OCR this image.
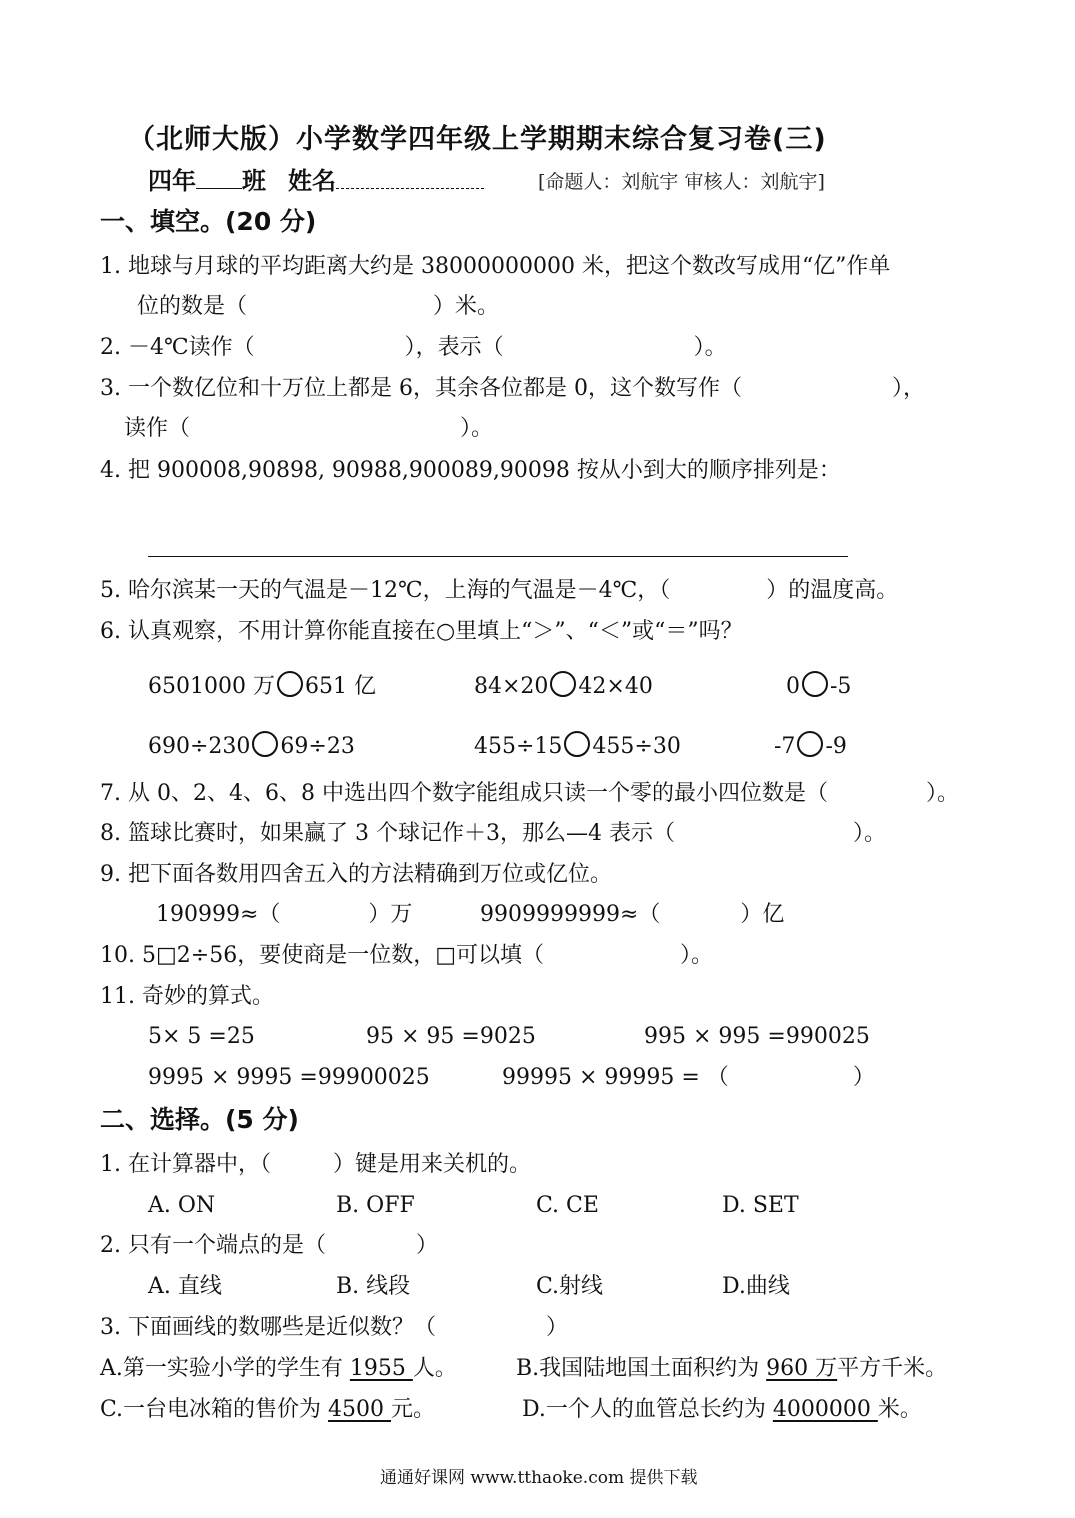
（北师大版）小学数学四年级上学期期末综合复习卷(三)
四年 班 姓名	[命题人：刘航宇 审核人：刘航宇]
一、填空。(20 分)
1. 地球与月球的平均距离大约是 38000000000 米，把这个数改写成用“亿”作单
位的数是（	）米。
2. －4℃读作（	），表示（	）。
3. 一个数亿位和十万位上都是 6，其余各位都是 0，这个数写作（	），
读作（	）。
4. 把 900008,90898, 90988,900089,90098 按从小到大的顺序排列是：
5. 哈尔滨某一天的气温是－12℃，上海的气温是－4℃，（	）的温度高。
6. 认真观察，不用计算你能直接在○里填上“＞”、“＜”或“＝”吗？
6501000 万 651 亿	84×20 42×40	0 -5
690÷230 69÷23	455÷15 455÷30	-7 -9
7. 从 0、2、4、6、8 中选出四个数字能组成只读一个零的最小四位数是（	）。
8. 篮球比赛时，如果赢了 3 个球记作＋3，那么—4 表示（	）。
9. 把下面各数用四舍五入的方法精确到万位或亿位。
190999≈（	）万	9909999999≈（	）亿
10. 5□2÷56，要使商是一位数，□可以填（	）。
11. 奇妙的算式。
5× 5 =25	95 × 95 =9025	995 × 995 =990025
9995 × 9995 =99900025	99995 × 99995 = （	）
二、选择。(5 分)
1. 在计算器中，（	）键是用来关机的。
A. ON	B. OFF	C. CE	D. SET
2. 只有一个端点的是（	）
A. 直线	B. 线段	C.射线	D.曲线
3. 下面画线的数哪些是近似数？（	）
A.第一实验小学的学生有 1955 人。	B.我国陆地国土面积约为 960 万平方千米。
C.一台电冰箱的售价为 4500 元。	D.一个人的血管总长约为 4000000 米。
通通好课网 www.tthaoke.com 提供下载
